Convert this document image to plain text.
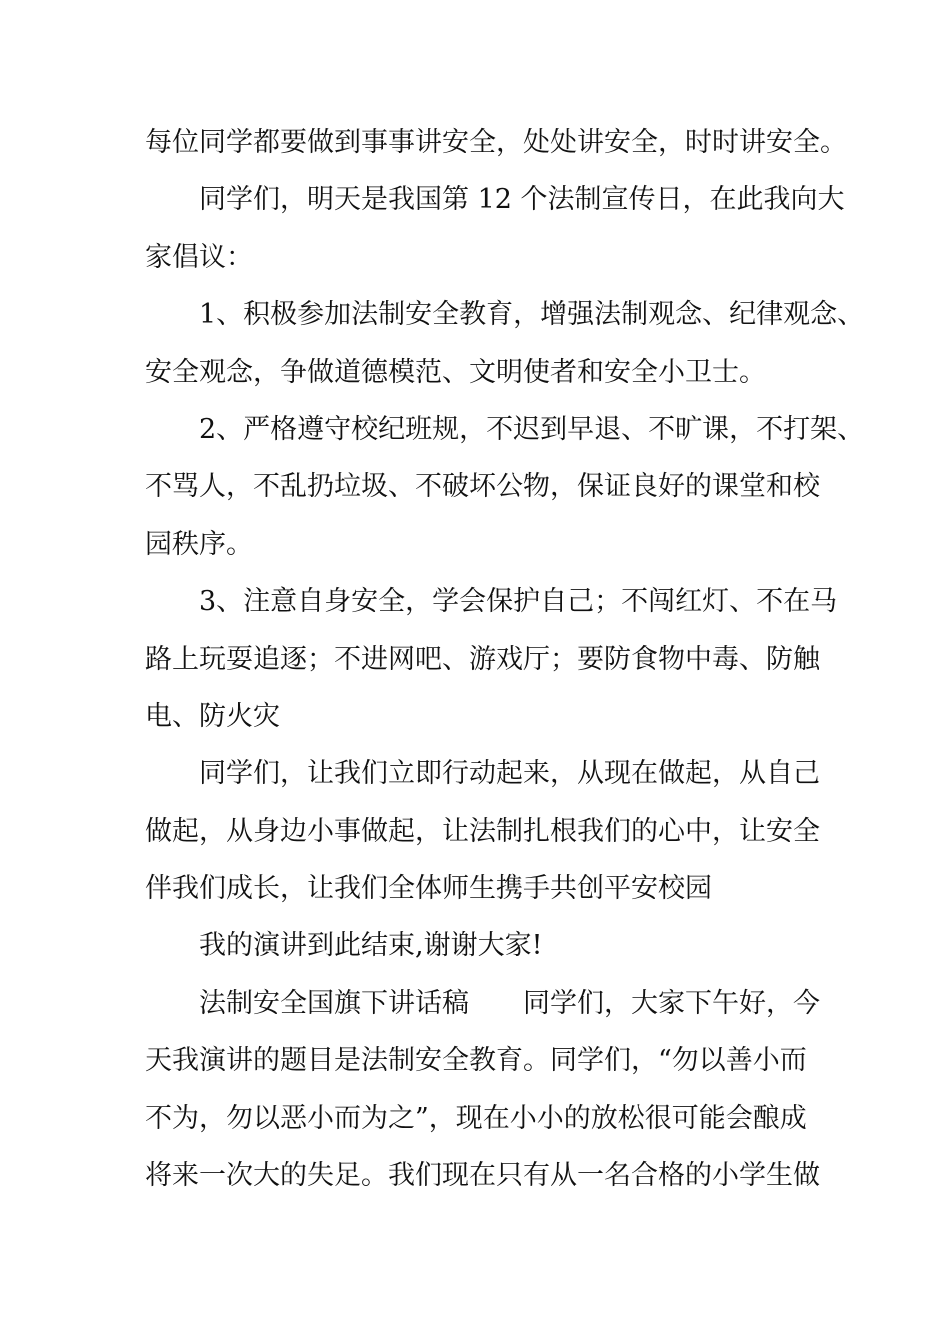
每位同学都要做到事事讲安全，处处讲安全，时时讲安全。
同学们，明天是我国第 12 个法制宣传日，在此我向大
家倡议：
1、积极参加法制安全教育，增强法制观念、纪律观念、
安全观念，争做道德模范、文明使者和安全小卫士。
2、严格遵守校纪班规，不迟到早退、不旷课，不打架、
不骂人，不乱扔垃圾、不破坏公物，保证良好的课堂和校
园秩序。
3、注意自身安全，学会保护自己；不闯红灯、不在马
路上玩耍追逐；不进网吧、游戏厅；要防食物中毒、防触
电、防火灾
同学们，让我们立即行动起来，从现在做起，从自己
做起，从身边小事做起，让法制扎根我们的心中，让安全
伴我们成长，让我们全体师生携手共创平安校园
我的演讲到此结束,谢谢大家!
法制安全国旗下讲话稿 同学们，大家下午好，今
天我演讲的题目是法制安全教育。同学们，“勿以善小而
不为，勿以恶小而为之”，现在小小的放松很可能会酿成
将来一次大的失足。我们现在只有从一名合格的小学生做
